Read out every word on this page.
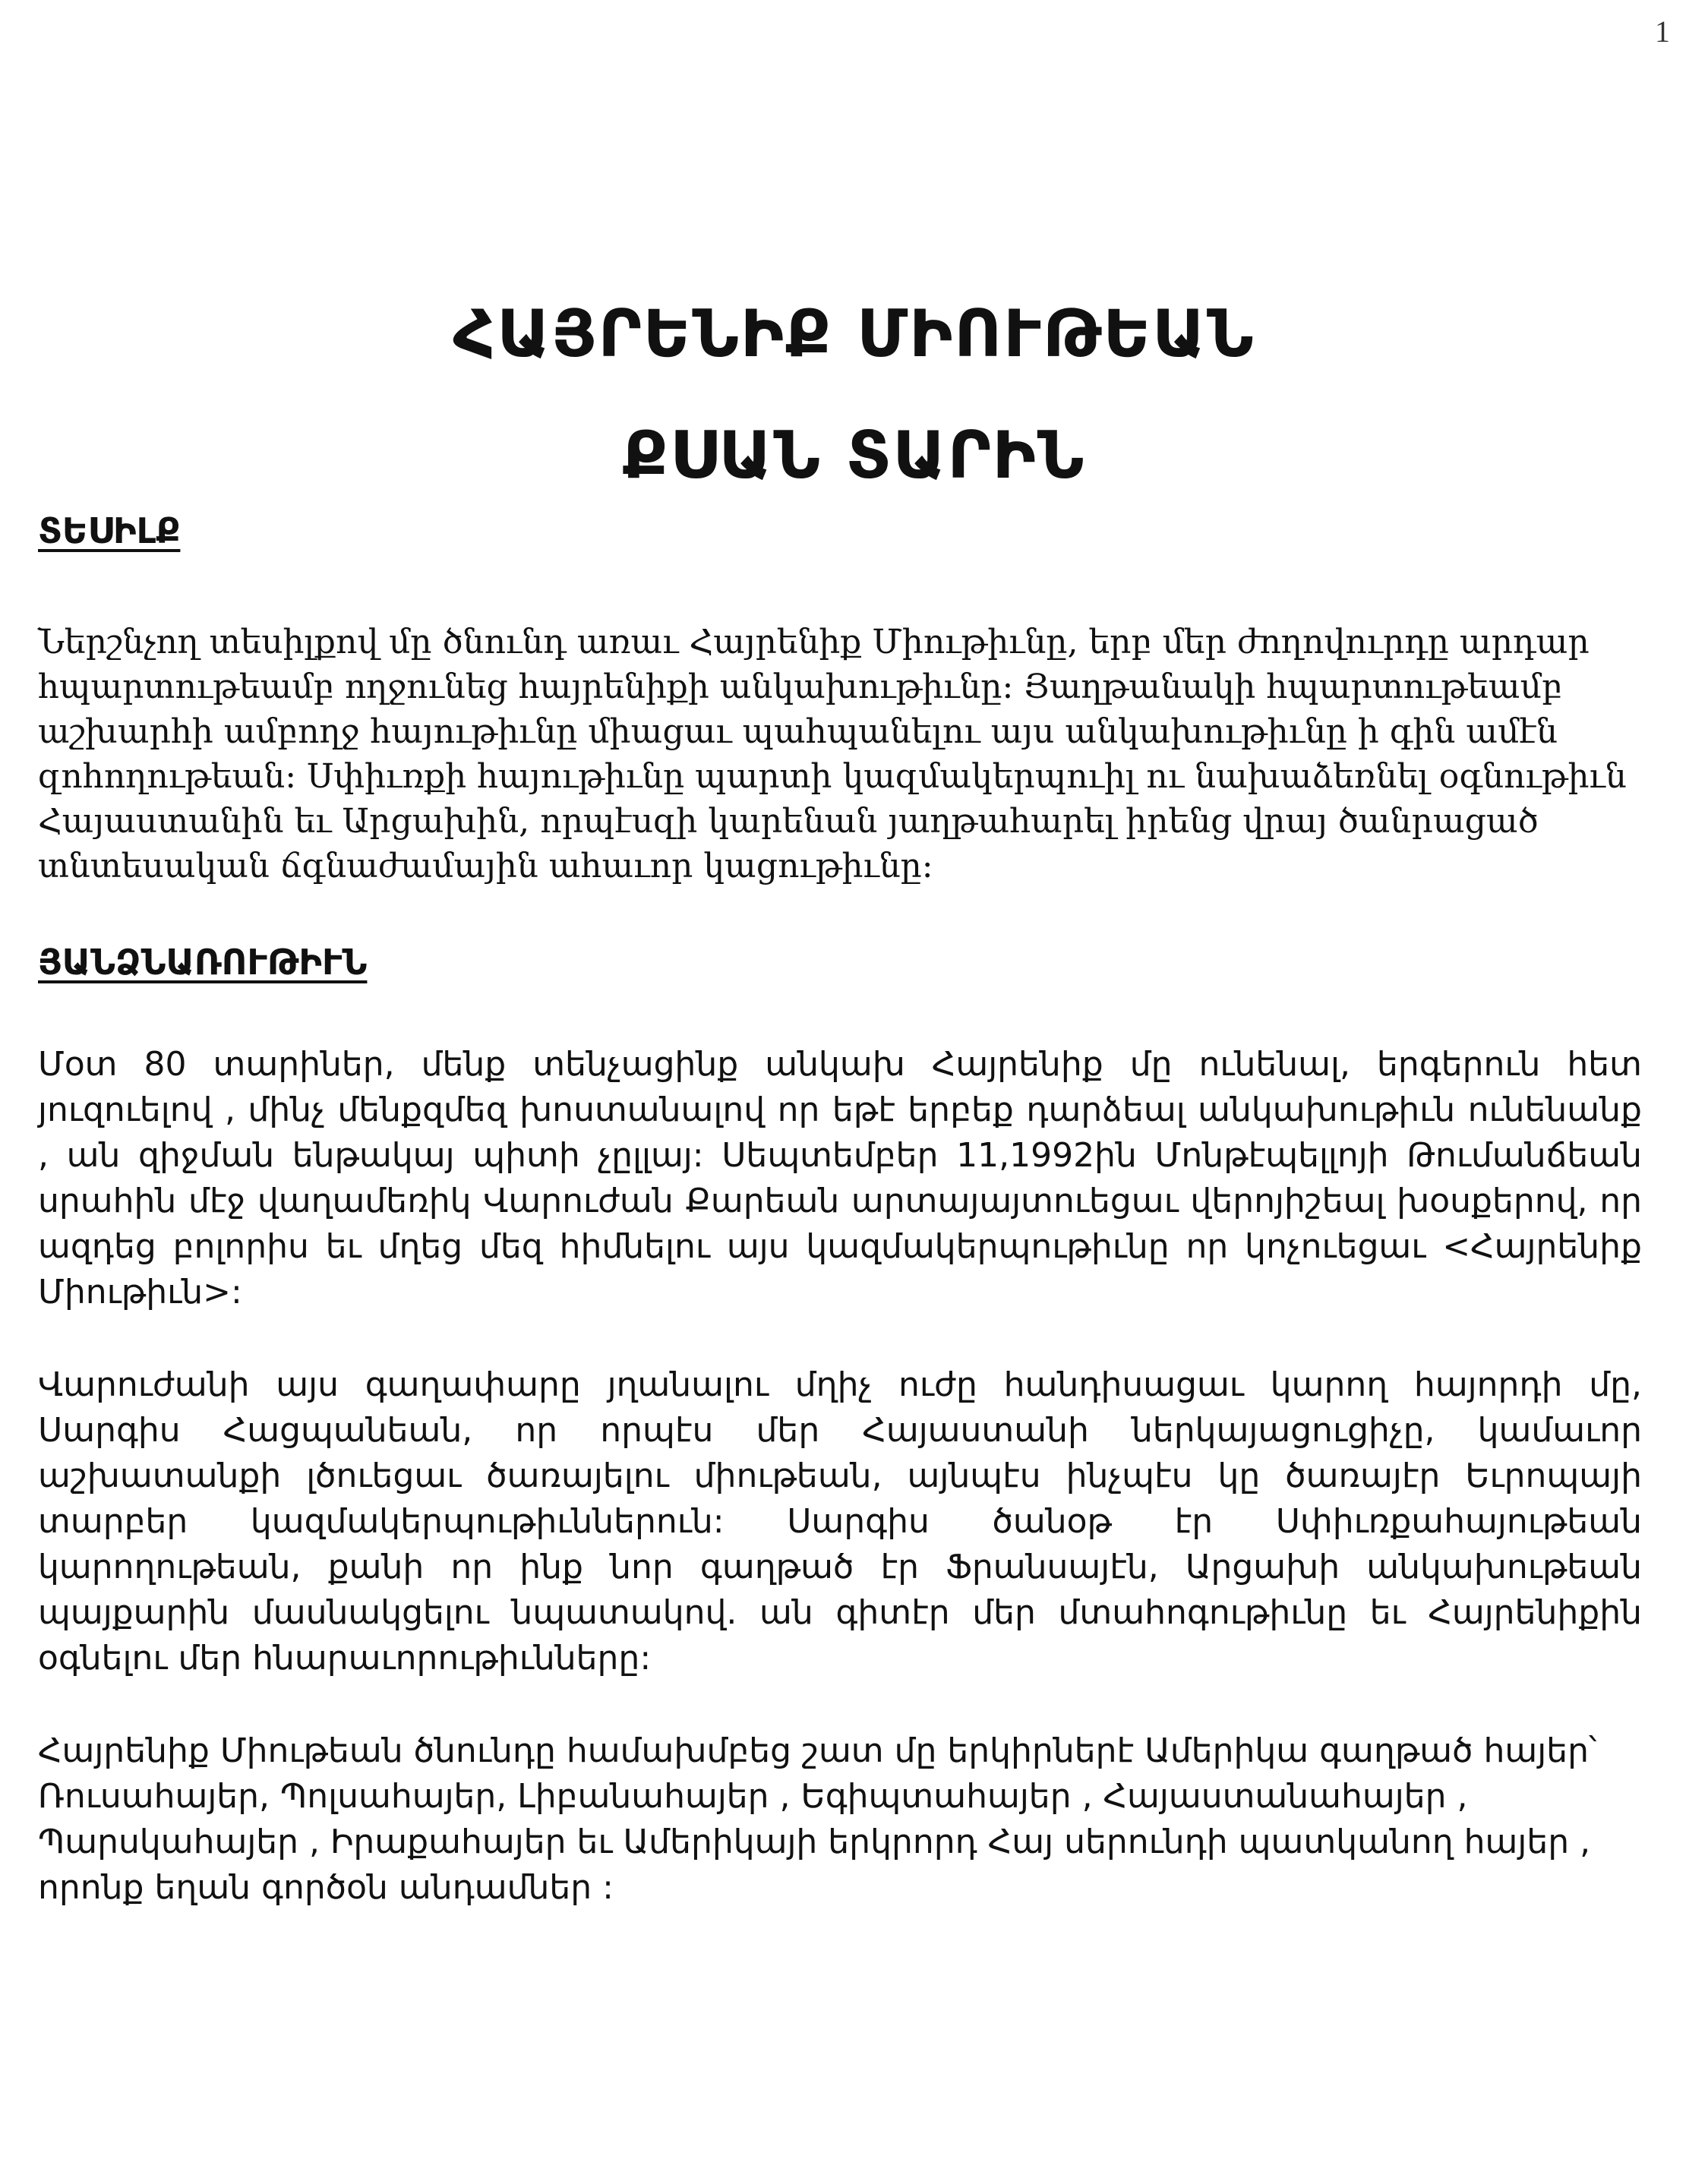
1
ՀԱՅՐԵՆԻՔ ՄԻՈՒԹԵԱՆ
ՔՍԱՆ ՏԱՐԻՆ
ՏԵՍԻԼՔ

Ներշնչող տեսիլքով մը ծնունդ առաւ Հայրենիք Միութիւնը, երբ մեր ժողովուրդը արդար հպարտութեամբ ողջունեց հայրենիքի անկախութիւնը: Յաղթանակի հպարտութեամբ աշխարհի ամբողջ հայութիւնը միացաւ պահպանելու այս անկախութիւնը ի գին ամէն զոհողութեան: Սփիւռքի հայութիւնը պարտի կազմակերպուիլ ու նախաձեռնել օգնութիւն Հայաստանին եւ Արցախին, որպէսզի կարենան յաղթահարել իրենց վրայ ծանրացած տնտեսական ճգնաժամային ահաւոր կացութիւնը:

ՅԱՆՁՆԱՌՈՒԹԻՒՆ

Մօտ 80 տարիներ, մենք տենչացինք անկախ Հայրենիք մը ունենալ, երգերուն հետ յուզուելով , մինչ մենքզմեզ խոստանալով որ եթէ երբեք դարձեալ անկախութիւն ունենանք , ան զիջման ենթակայ պիտի չըլլայ: Սեպտեմբեր 11,1992ին Մոնթէպելլոյի Թումանճեան սրահին մէջ վաղամեռիկ Վարուժան Քարեան արտայայտուեցաւ վերոյիշեալ խօսքերով, որ ազդեց բոլորիս եւ մղեց մեզ հիմնելու այս կազմակերպութիւնը որ կոչուեցաւ <Հայրենիք Միութիւն>:

Վարուժանի այս գաղափարը յղանալու մղիչ ուժը հանդիսացաւ կարող հայորդի մը, Սարգիս Հացպանեան, որ որպէս մեր Հայաստանի ներկայացուցիչը, կամաւոր աշխատանքի լծուեցաւ ծառայելու միութեան, այնպէս ինչպէս կը ծառայէր Եւրոպայի տարբեր կազմակերպութիւններուն: Սարգիս ծանօթ էր Սփիւռքահայութեան կարողութեան, քանի որ ինք նոր գաղթած էր Ֆրանսայէն, Արցախի անկախութեան պայքարին մասնակցելու նպատակով. ան գիտէր մեր մտահոգութիւնը եւ Հայրենիքին օգնելու մեր հնարաւորութիւնները:

Հայրենիք Միութեան ծնունդը համախմբեց շատ մը երկիրներէ Ամերիկա գաղթած հայեր՝ Ռուսահայեր, Պոլսահայեր, Լիբանահայեր , Եգիպտահայեր , Հայաստանահայեր , Պարսկահայեր , Իրաքահայեր եւ Ամերիկայի երկրորդ Հայ սերունդի պատկանող հայեր , որոնք եղան գործօն անդամներ :
